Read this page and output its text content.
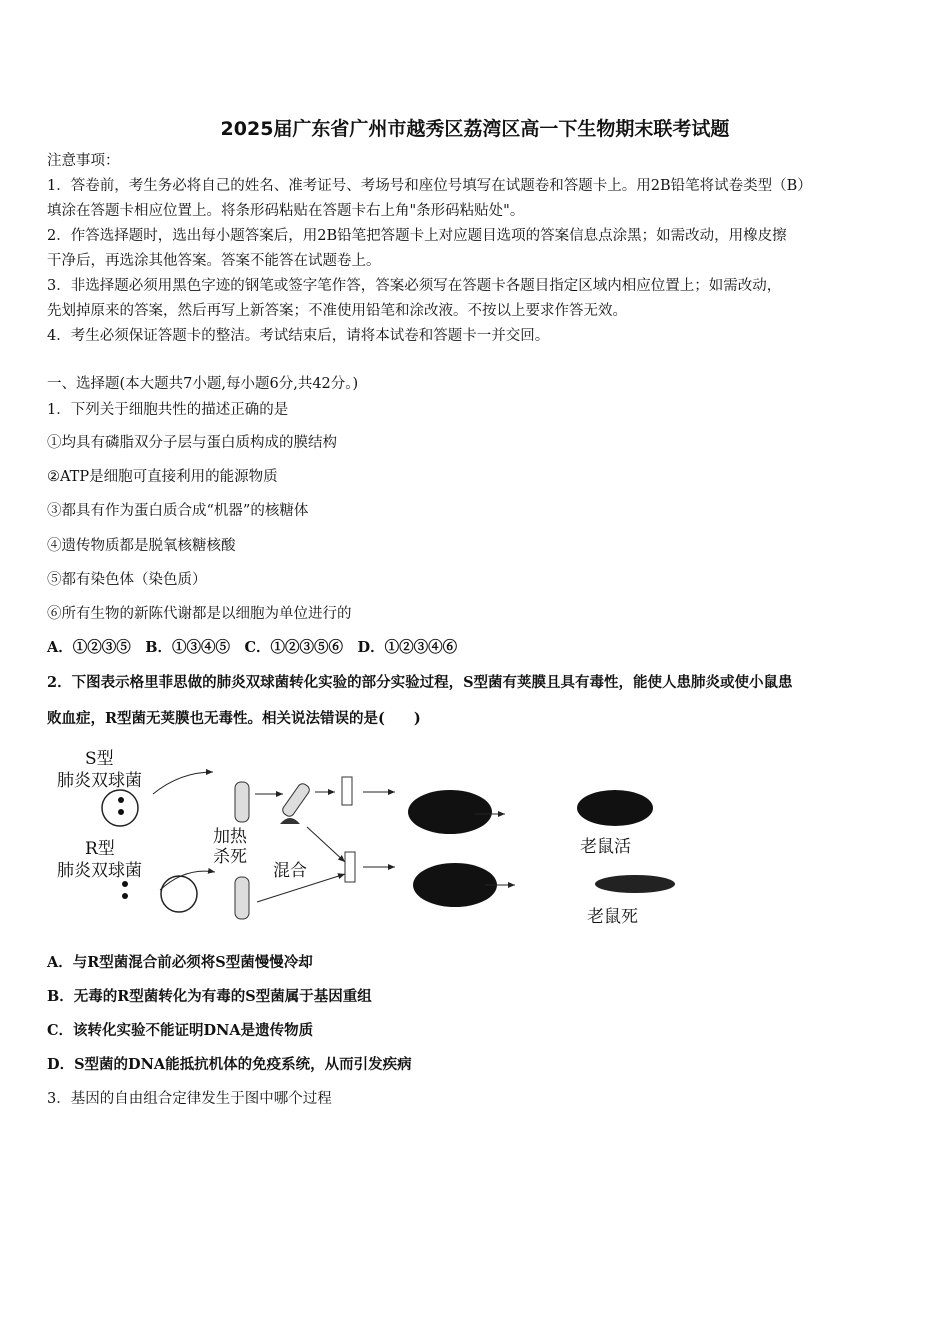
2025届广东省广州市越秀区荔湾区高一下生物期末联考试题
注意事项：
1．答卷前，考生务必将自己的姓名、准考证号、考场号和座位号填写在试题卷和答题卡上。用2B铅笔将试卷类型（B）
填涂在答题卡相应位置上。将条形码粘贴在答题卡右上角"条形码粘贴处"。
2．作答选择题时，选出每小题答案后，用2B铅笔把答题卡上对应题目选项的答案信息点涂黑；如需改动，用橡皮擦
干净后，再选涂其他答案。答案不能答在试题卷上。
3．非选择题必须用黑色字迹的钢笔或签字笔作答，答案必须写在答题卡各题目指定区域内相应位置上；如需改动，
先划掉原来的答案，然后再写上新答案；不准使用铅笔和涂改液。不按以上要求作答无效。
4．考生必须保证答题卡的整洁。考试结束后，请将本试卷和答题卡一并交回。
一、选择题(本大题共7小题,每小题6分,共42分。)
1．下列关于细胞共性的描述正确的是
①均具有磷脂双分子层与蛋白质构成的膜结构
②ATP是细胞可直接利用的能源物质
③都具有作为蛋白质合成“机器”的核糖体
④遗传物质都是脱氧核糖核酸
⑤都有染色体（染色质）
⑥所有生物的新陈代谢都是以细胞为单位进行的
A．①②③⑤　B．①③④⑤　C．①②③⑤⑥　D．①②③④⑥
2．下图表示格里菲思做的肺炎双球菌转化实验的部分实验过程，S型菌有荚膜且具有毒性，能使人患肺炎或使小鼠患
败血症，R型菌无荚膜也无毒性。相关说法错误的是(　　)
S型
肺炎双球菌
加热
杀死	老鼠活
R型
肺炎双球菌	混合
老鼠死
A．与R型菌混合前必须将S型菌慢慢冷却
B．无毒的R型菌转化为有毒的S型菌属于基因重组
C．该转化实验不能证明DNA是遗传物质
D．S型菌的DNA能抵抗机体的免疫系统，从而引发疾病
3．基因的自由组合定律发生于图中哪个过程
